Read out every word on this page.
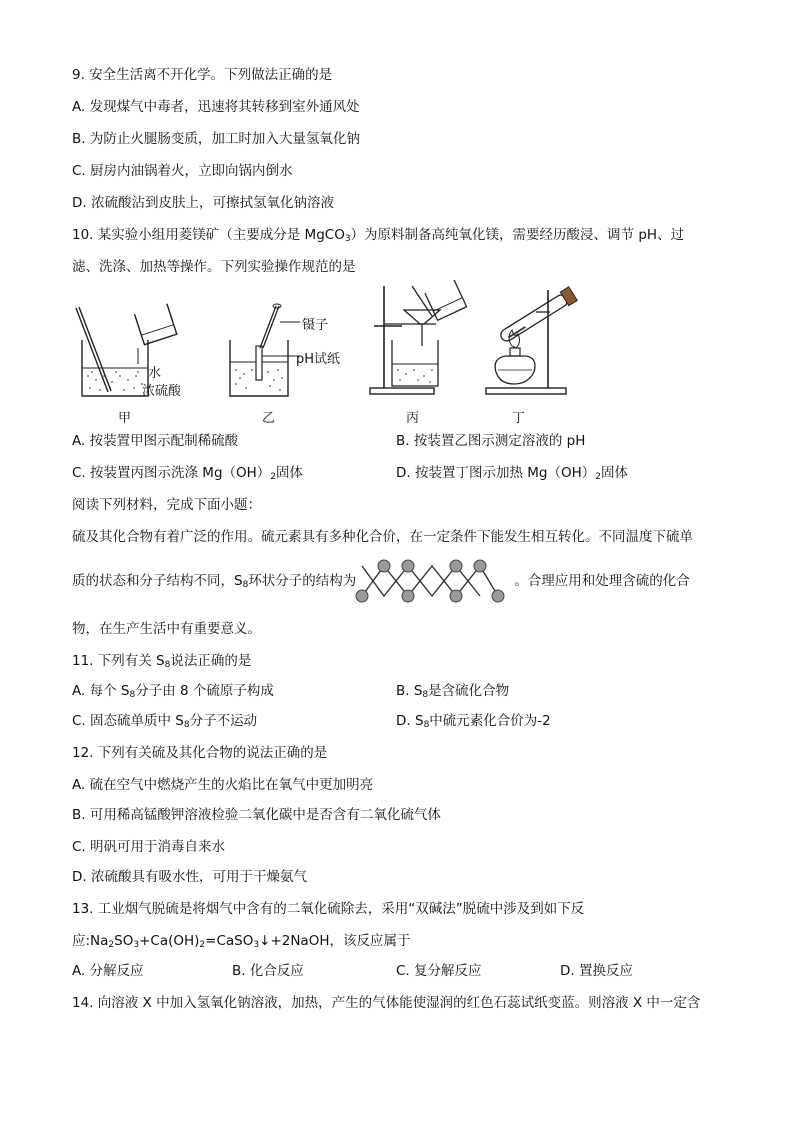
9. 安全生活离不开化学。下列做法正确的是
A. 发现煤气中毒者，迅速将其转移到室外通风处
B. 为防止火腿肠变质，加工时加入大量氢氧化钠
C. 厨房内油锅着火，立即向锅内倒水
D. 浓硫酸沾到皮肤上，可擦拭氢氧化钠溶液
10. 某实验小组用菱镁矿（主要成分是 MgCO$_3$）为原料制备高纯氧化镁，需要经历酸浸、调节 pH、过
滤、洗涤、加热等操作。下列实验操作规范的是
水
浓硫酸
甲
镊子
pH试纸
乙	丙	丁
A. 按装置甲图示配制稀硫酸	B. 按装置乙图示测定溶液的 pH
C. 按装置丙图示洗涤 $Mg(OH)_2$固体	D. 按装置丁图示加热 $Mg(OH)_2$固体
阅读下列材料，完成下面小题：
硫及其化合物有着广泛的作用。硫元素具有多种化合价，在一定条件下能发生相互转化。不同温度下硫单
质的状态和分子结构不同，$S_8$环状分子的结构为	。合理应用和处理含硫的化合
物，在生产生活中有重要意义。
11. 下列有关 $S_8$说法正确的是
A. 每个 $S_8$分子由 8 个硫原子构成	B. $S_8$是含硫化合物
C. 固态硫单质中 $S_8$分子不运动	D. $S_8$中硫元素化合价为-2
12. 下列有关硫及其化合物的说法正确的是
A. 硫在空气中燃烧产生的火焰比在氧气中更加明亮
B. 可用稀高锰酸钾溶液检验二氧化碳中是否含有二氧化硫气体
C. 明矾可用于消毒自来水
D. 浓硫酸具有吸水性，可用于干燥氨气
13. 工业烟气脱硫是将烟气中含有的二氧化硫除去，采用“双碱法”脱硫中涉及到如下反
应$:Na_2SO_3+Ca(OH)_2=CaSO_3↓+2NaOH$，该反应属于
A. 分解反应	B. 化合反应	C. 复分解反应	D. 置换反应
14. 向溶液 X 中加入氢氧化钠溶液，加热，产生的气体能使湿润的红色石蕊试纸变蓝。则溶液 X 中一定含
